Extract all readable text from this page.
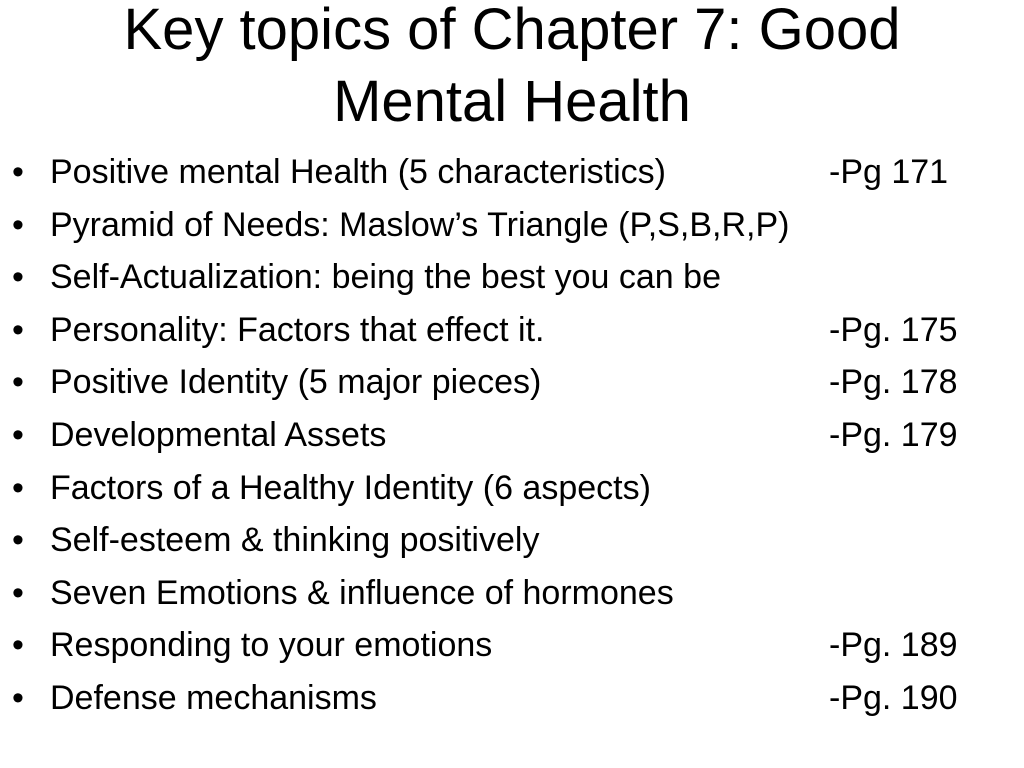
Key topics of Chapter 7: Good Mental Health
• Positive mental Health (5 characteristics)	-Pg 171
• Pyramid of Needs: Maslow’s Triangle (P,S,B,R,P)
• Self-Actualization: being the best you can be
• Personality: Factors that effect it.	-Pg. 175
• Positive Identity (5 major pieces)	-Pg. 178
• Developmental Assets	-Pg. 179
• Factors of a Healthy Identity (6 aspects)
• Self-esteem & thinking positively
• Seven Emotions & influence of hormones
• Responding to your emotions	-Pg. 189
• Defense mechanisms	-Pg. 190
